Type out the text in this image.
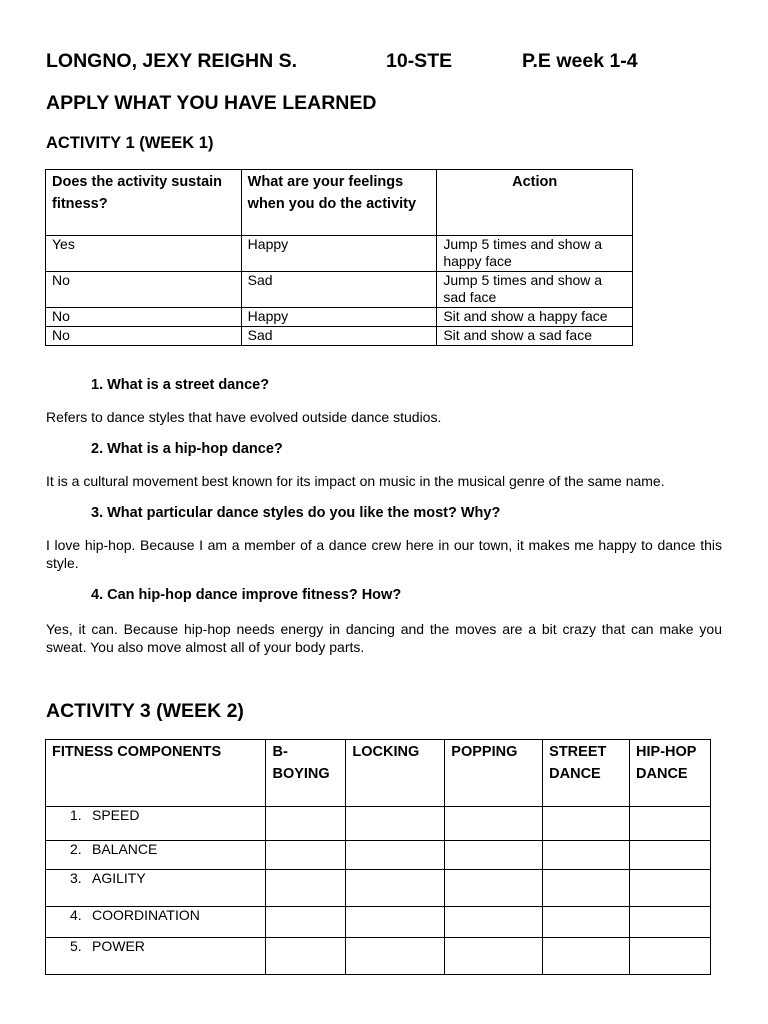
LONGNO, JEXY REIGHN S.	10-STE	P.E week 1-4
APPLY WHAT YOU HAVE LEARNED
ACTIVITY 1 (WEEK 1)
Does the activity sustain fitness?	What are your feelings when you do the activity	Action
Yes	Happy	Jump 5 times and show a happy face
No	Sad	Jump 5 times and show a sad face
No	Happy	Sit and show a happy face
No	Sad	Sit and show a sad face
1. What is a street dance?
Refers to dance styles that have evolved outside dance studios.
2. What is a hip-hop dance?
It is a cultural movement best known for its impact on music in the musical genre of the same name.
3. What particular dance styles do you like the most? Why?
I love hip-hop. Because I am a member of a dance crew here in our town, it makes me happy to dance this style.
4. Can hip-hop dance improve fitness? How?
Yes, it can. Because hip-hop needs energy in dancing and the moves are a bit crazy that can make you sweat. You also move almost all of your body parts.
ACTIVITY 3 (WEEK 2)
FITNESS COMPONENTS	B-BOYING	LOCKING	POPPING	STREET DANCE	HIP-HOP DANCE
1. SPEED					
2. BALANCE					
3. AGILITY					
4. COORDINATION					
5. POWER					
